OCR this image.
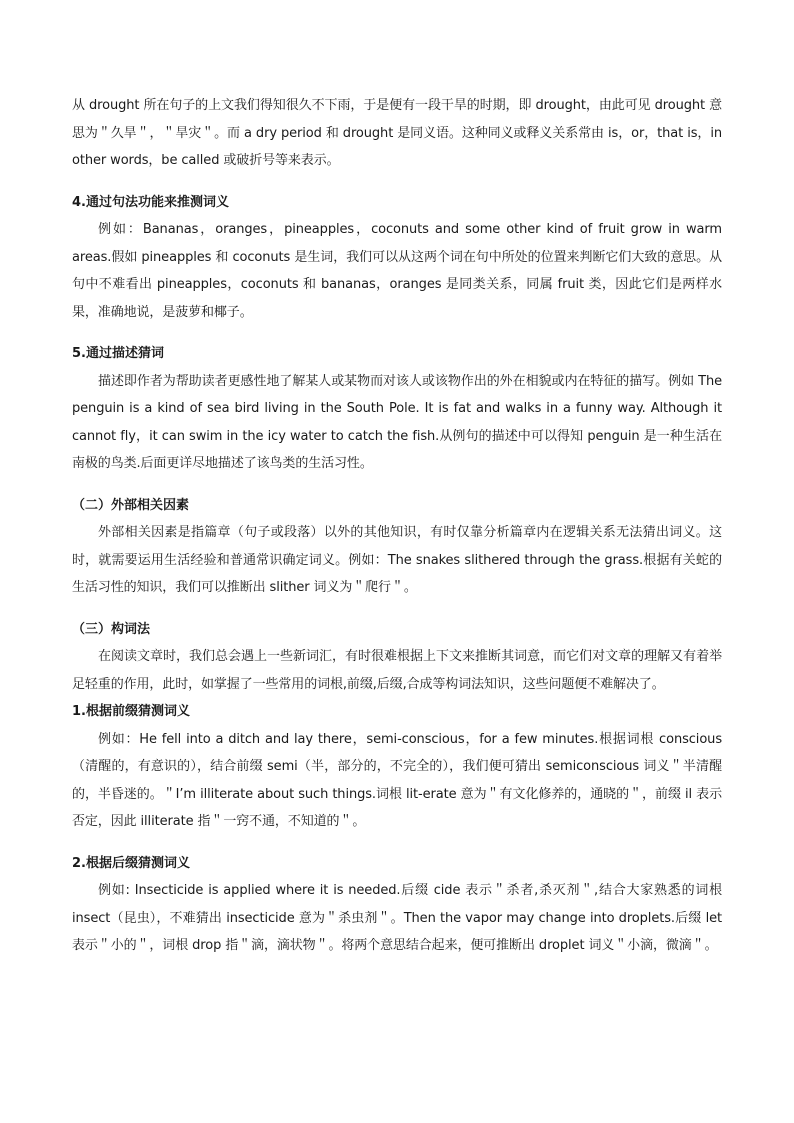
从 drought 所在句子的上文我们得知很久不下雨，于是便有一段干旱的时期，即 drought，由此可见 drought 意思为＂久旱＂，＂旱灾＂。而 a dry period 和 drought 是同义语。这种同义或释义关系常由 is，or，that is，in other words，be called 或破折号等来表示。

4.通过句法功能来推测词义

例如：Bananas，oranges，pineapples，coconuts and some other kind of fruit grow in warm areas.假如 pineapples 和 coconuts 是生词，我们可以从这两个词在句中所处的位置来判断它们大致的意思。从句中不难看出 pineapples，coconuts 和 bananas，oranges 是同类关系，同属 fruit 类，因此它们是两样水果，准确地说，是菠萝和椰子。

5.通过描述猜词

描述即作者为帮助读者更感性地了解某人或某物而对该人或该物作出的外在相貌或内在特征的描写。例如 The penguin is a kind of sea bird living in the South Pole. It is fat and walks in a funny way. Although it cannot fly，it can swim in the icy water to catch the fish.从例句的描述中可以得知 penguin 是一种生活在南极的鸟类.后面更详尽地描述了该鸟类的生活习性。

（二）外部相关因素

外部相关因素是指篇章（句子或段落）以外的其他知识，有时仅靠分析篇章内在逻辑关系无法猜出词义。这时，就需要运用生活经验和普通常识确定词义。例如：The snakes slithered through the grass.根据有关蛇的生活习性的知识，我们可以推断出 slither 词义为＂爬行＂。

（三）构词法

在阅读文章时，我们总会遇上一些新词汇，有时很难根据上下文来推断其词意，而它们对文章的理解又有着举足轻重的作用，此时，如掌握了一些常用的词根,前缀,后缀,合成等构词法知识，这些问题便不难解决了。

1.根据前缀猜测词义

例如：He fell into a ditch and lay there，semi-conscious，for a few minutes.根据词根 conscious（清醒的，有意识的），结合前缀 semi（半，部分的，不完全的），我们便可猜出 semiconscious 词义＂半清醒的，半昏迷的。＂I’m illiterate about such things.词根 lit-erate 意为＂有文化修养的，通晓的＂，前缀 il 表示否定，因此 illiterate 指＂一窍不通，不知道的＂。

2.根据后缀猜测词义

例如: Insecticide is applied where it is needed.后缀 cide 表示＂杀者,杀灭剂＂,结合大家熟悉的词根 insect（昆虫），不难猜出 insecticide 意为＂杀虫剂＂。Then the vapor may change into droplets.后缀 let 表示＂小的＂，词根 drop 指＂滴，滴状物＂。将两个意思结合起来，便可推断出 droplet 词义＂小滴，微滴＂。
